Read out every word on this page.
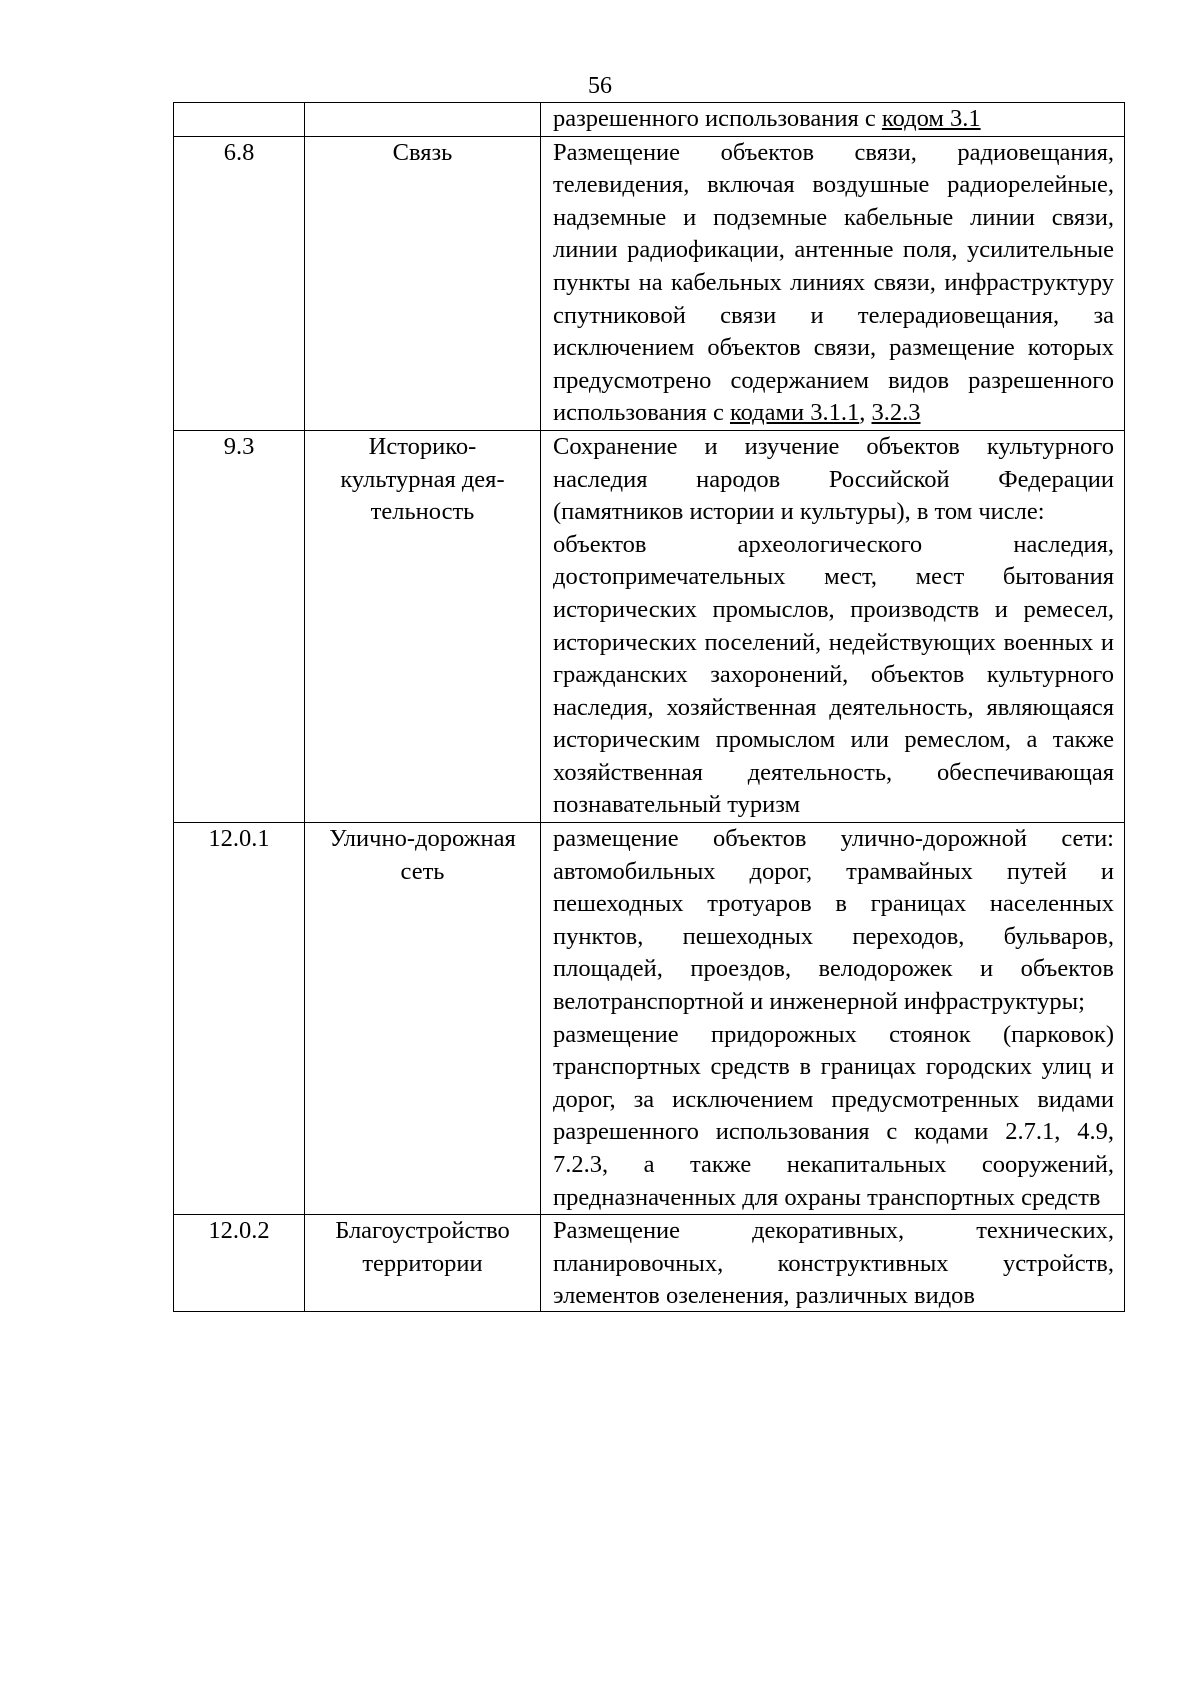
56
		разрешенного использования с кодом 3.1
6.8	Связь	Размещение объектов связи, радиовещания, телевидения, включая воздушные радиорелейные, надземные и подземные кабельные линии связи, линии радиофикации, антенные поля, усилительные пункты на кабельных линиях связи, инфраструктуру спутниковой связи и телерадиовещания, за исключением объектов связи, размещение которых предусмотрено содержанием видов разрешенного использования с кодами 3.1.1, 3.2.3

9.3	Историко-культурная дея-тельность	Сохранение и изучение объектов культурного наследия народов Российской Федерации (памятников истории и культуры), в том числе:
объектов археологического наследия, достопримечательных мест, мест бытования исторических промыслов, производств и ремесел, исторических поселений, недействующих военных и гражданских захоронений, объектов культурного наследия, хозяйственная деятельность, являющаяся историческим промыслом или ремеслом, а также хозяйственная деятельность, обеспечивающая познавательный туризм

12.0.1	Улично-дорожная сеть	размещение объектов улично-дорожной сети: автомобильных дорог, трамвайных путей и пешеходных тротуаров в границах населенных пунктов, пешеходных переходов, бульваров, площадей, проездов, велодорожек и объектов велотранспортной и инженерной инфраструктуры;
размещение придорожных стоянок (парковок) транспортных средств в границах городских улиц и дорог, за исключением предусмотренных видами разрешенного использования с кодами 2.7.1, 4.9, 7.2.3, а также некапитальных сооружений, предназначенных для охраны транспортных средств

12.0.2	Благоустройство территории	Размещение декоративных, технических, планировочных, конструктивных устройств, элементов озеленения, различных видов
